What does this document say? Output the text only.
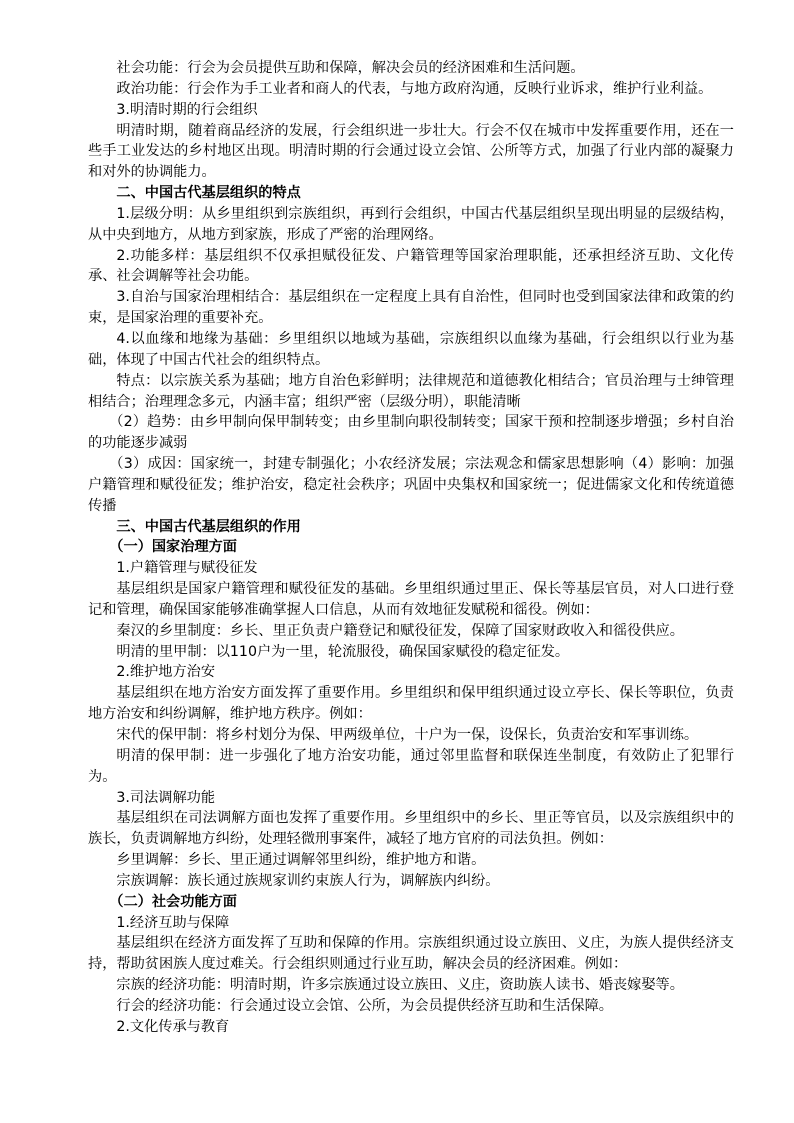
社会功能：行会为会员提供互助和保障，解决会员的经济困难和生活问题。

政治功能：行会作为手工业者和商人的代表，与地方政府沟通，反映行业诉求，维护行业利益。

3.明清时期的行会组织

明清时期，随着商品经济的发展，行会组织进一步壮大。行会不仅在城市中发挥重要作用，还在一些手工业发达的乡村地区出现。明清时期的行会通过设立会馆、公所等方式，加强了行业内部的凝聚力和对外的协调能力。

二、中国古代基层组织的特点

1.层级分明：从乡里组织到宗族组织，再到行会组织，中国古代基层组织呈现出明显的层级结构，从中央到地方，从地方到家族，形成了严密的治理网络。

2.功能多样：基层组织不仅承担赋役征发、户籍管理等国家治理职能，还承担经济互助、文化传承、社会调解等社会功能。

3.自治与国家治理相结合：基层组织在一定程度上具有自治性，但同时也受到国家法律和政策的约束，是国家治理的重要补充。

4.以血缘和地缘为基础：乡里组织以地域为基础，宗族组织以血缘为基础，行会组织以行业为基础，体现了中国古代社会的组织特点。

特点：以宗族关系为基础；地方自治色彩鲜明；法律规范和道德教化相结合；官员治理与士绅管理相结合；治理理念多元，内涵丰富；组织严密（层级分明），职能清晰

（2）趋势：由乡甲制向保甲制转变；由乡里制向职役制转变；国家干预和控制逐步增强；乡村自治的功能逐步减弱

（3）成因：国家统一，封建专制强化；小农经济发展；宗法观念和儒家思想影响（4）影响：加强户籍管理和赋役征发；维护治安，稳定社会秩序；巩固中央集权和国家统一；促进儒家文化和传统道德传播

三、中国古代基层组织的作用

（一）国家治理方面

1.户籍管理与赋役征发

基层组织是国家户籍管理和赋役征发的基础。乡里组织通过里正、保长等基层官员，对人口进行登记和管理，确保国家能够准确掌握人口信息，从而有效地征发赋税和徭役。例如：

秦汉的乡里制度：乡长、里正负责户籍登记和赋役征发，保障了国家财政收入和徭役供应。

明清的里甲制：以110户为一里，轮流服役，确保国家赋役的稳定征发。

2.维护地方治安

基层组织在地方治安方面发挥了重要作用。乡里组织和保甲组织通过设立亭长、保长等职位，负责地方治安和纠纷调解，维护地方秩序。例如：

宋代的保甲制：将乡村划分为保、甲两级单位，十户为一保，设保长，负责治安和军事训练。

明清的保甲制：进一步强化了地方治安功能，通过邻里监督和联保连坐制度，有效防止了犯罪行为。

3.司法调解功能

基层组织在司法调解方面也发挥了重要作用。乡里组织中的乡长、里正等官员，以及宗族组织中的族长，负责调解地方纠纷，处理轻微刑事案件，减轻了地方官府的司法负担。例如：

乡里调解：乡长、里正通过调解邻里纠纷，维护地方和谐。

宗族调解：族长通过族规家训约束族人行为，调解族内纠纷。

（二）社会功能方面

1.经济互助与保障

基层组织在经济方面发挥了互助和保障的作用。宗族组织通过设立族田、义庄，为族人提供经济支持，帮助贫困族人度过难关。行会组织则通过行业互助，解决会员的经济困难。例如：

宗族的经济功能：明清时期，许多宗族通过设立族田、义庄，资助族人读书、婚丧嫁娶等。

行会的经济功能：行会通过设立会馆、公所，为会员提供经济互助和生活保障。

2.文化传承与教育
